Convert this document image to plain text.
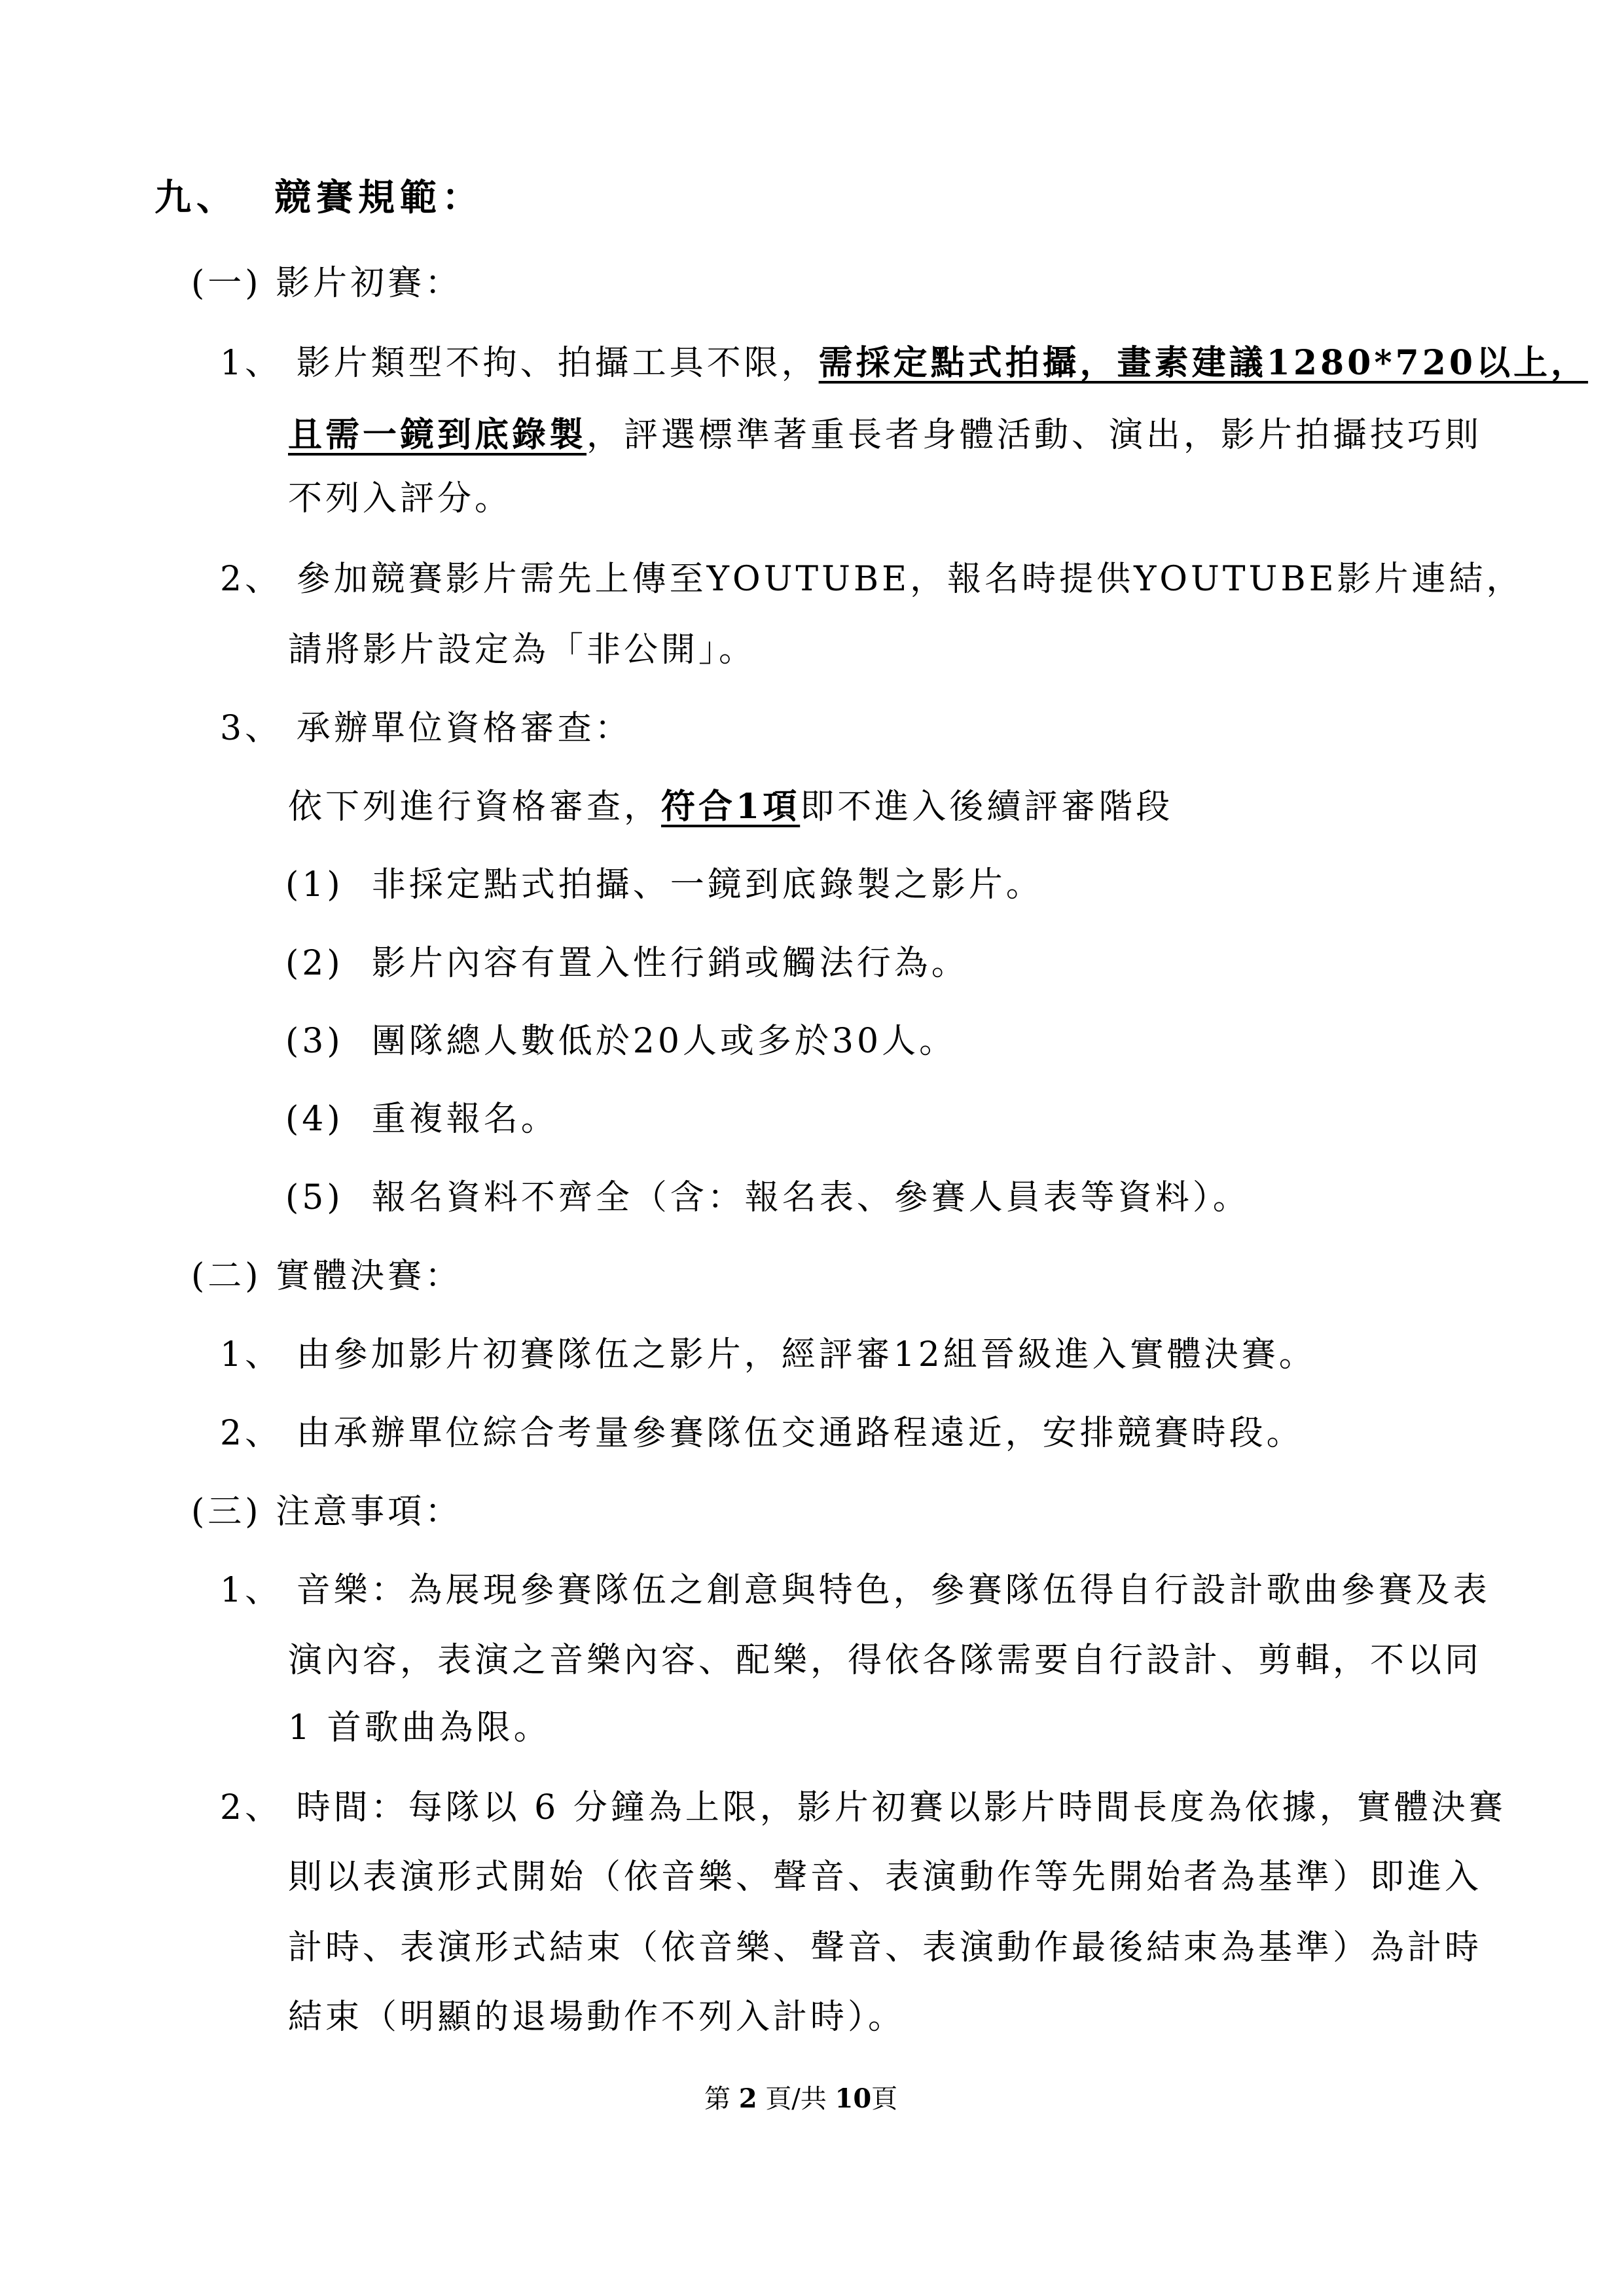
九、 競賽規範：
(一) 影片初賽：
1、 影片類型不拘、拍攝工具不限，需採定點式拍攝，畫素建議1280*720以上，
且需一鏡到底錄製，評選標準著重長者身體活動、演出，影片拍攝技巧則
不列入評分。
2、 參加競賽影片需先上傳至YOUTUBE，報名時提供YOUTUBE影片連結，
請將影片設定為「非公開」。
3、 承辦單位資格審查：
依下列進行資格審查，符合1項即不進入後續評審階段
(1) 非採定點式拍攝、一鏡到底錄製之影片。
(2) 影片內容有置入性行銷或觸法行為。
(3) 團隊總人數低於20人或多於30人。
(4) 重複報名。
(5) 報名資料不齊全（含：報名表、參賽人員表等資料）。
(二) 實體決賽：
1、 由參加影片初賽隊伍之影片，經評審12組晉級進入實體決賽。
2、 由承辦單位綜合考量參賽隊伍交通路程遠近，安排競賽時段。
(三) 注意事項：
1、 音樂：為展現參賽隊伍之創意與特色，參賽隊伍得自行設計歌曲參賽及表
演內容，表演之音樂內容、配樂，得依各隊需要自行設計、剪輯，不以同
1 首歌曲為限。
2、 時間：每隊以 6 分鐘為上限，影片初賽以影片時間長度為依據，實體決賽
則以表演形式開始（依音樂、聲音、表演動作等先開始者為基準）即進入
計時、表演形式結束（依音樂、聲音、表演動作最後結束為基準）為計時
結束（明顯的退場動作不列入計時）。
第 2 頁/共 10頁
